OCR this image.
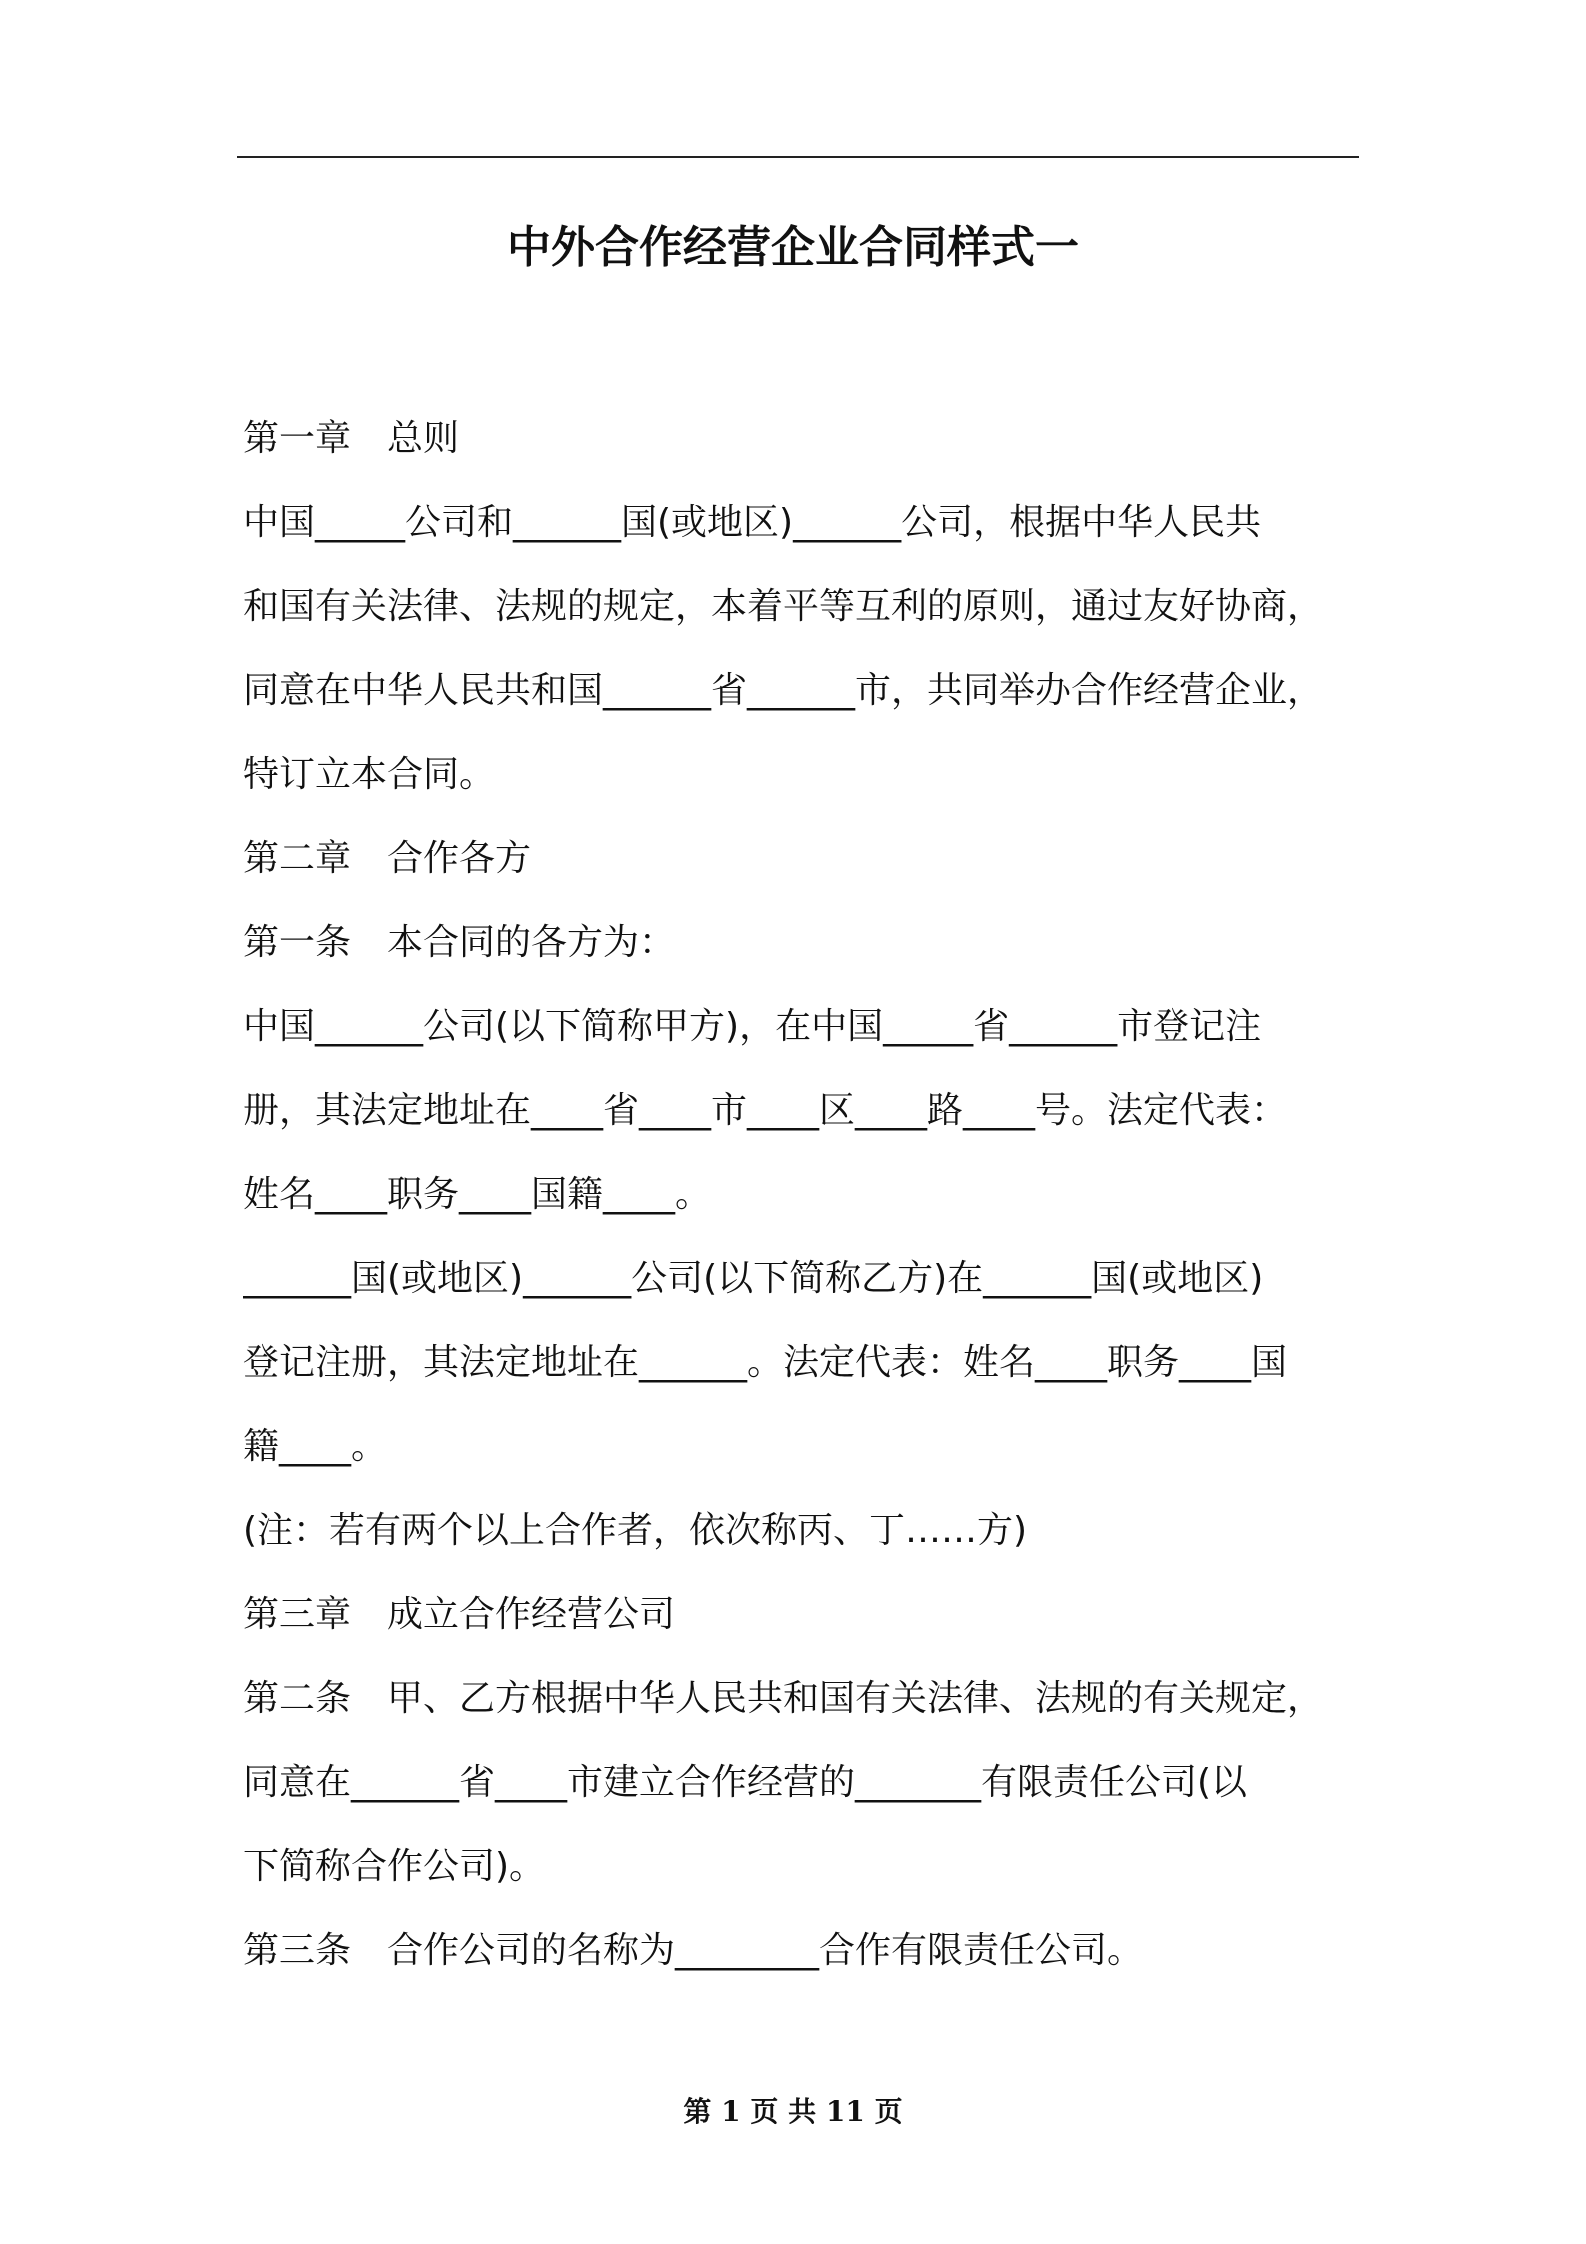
中外合作经营企业合同样式一
第一章　总则
中国_____公司和______国(或地区)______公司，根据中华人民共
和国有关法律、法规的规定，本着平等互利的原则，通过友好协商，
同意在中华人民共和国______省______市，共同举办合作经营企业，
特订立本合同。
第二章　合作各方
第一条　本合同的各方为：
中国______公司(以下简称甲方)，在中国_____省______市登记注
册，其法定地址在____省____市____区____路____号。法定代表：
姓名____职务____国籍____。
______国(或地区)______公司(以下简称乙方)在______国(或地区)
登记注册，其法定地址在______。法定代表：姓名____职务____国
籍____。
(注：若有两个以上合作者，依次称丙、丁……方)
第三章　成立合作经营公司
第二条　甲、乙方根据中华人民共和国有关法律、法规的有关规定，
同意在______省____市建立合作经营的_______有限责任公司(以
下简称合作公司)。
第三条　合作公司的名称为________合作有限责任公司。
第 1 页 共 11 页
